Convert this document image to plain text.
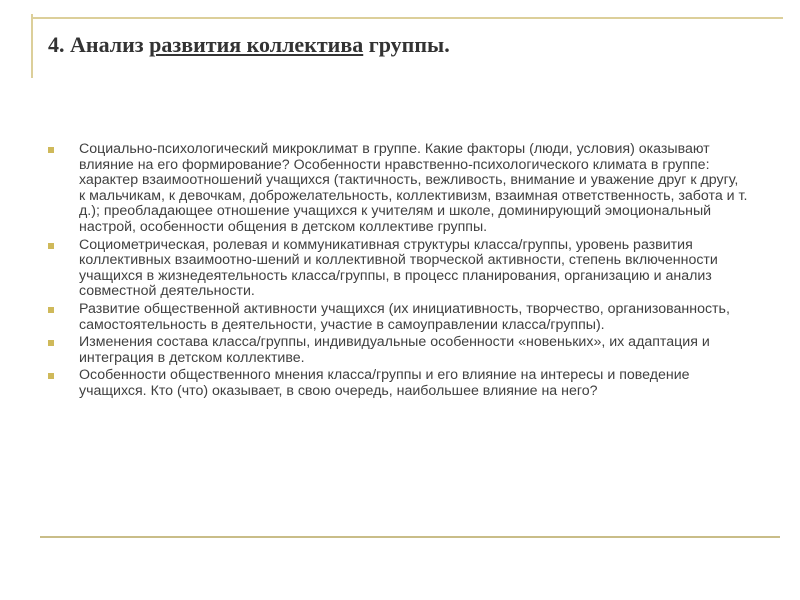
4. Анализ развития коллектива группы.
Социально-психологический микроклимат в группе. Какие факторы (люди, условия) оказывают влияние на его формирование? Особенности нравственно-психологического климата в группе: характер взаимоотношений учащихся (тактичность, вежливость, внимание и уважение друг к другу, к мальчикам, к девочкам, доброжелательность, коллективизм, взаимная ответственность, забота и т. д.); преобладающее отношение учащихся к учителям и школе, доминирующий эмоциональный настрой, особенности общения в детском коллективе группы.
Социометрическая, ролевая и коммуникативная структуры класса/группы, уровень развития коллективных взаимоотно-шений и коллективной творческой активности, степень включенности учащихся в жизнедеятельность класса/группы, в процесс планирования, организацию и анализ совместной деятельности.
Развитие общественной активности учащихся (их инициативность, творчество, организованность, самостоятельность в деятельности, участие в самоуправлении класса/группы).
Изменения состава класса/группы, индивидуальные особенности «новеньких», их адаптация и интеграция в детском коллективе.
Особенности общественного мнения класса/группы и его влияние на интересы и поведение учащихся. Кто (что) оказывает, в свою очередь, наибольшее влияние на него?
